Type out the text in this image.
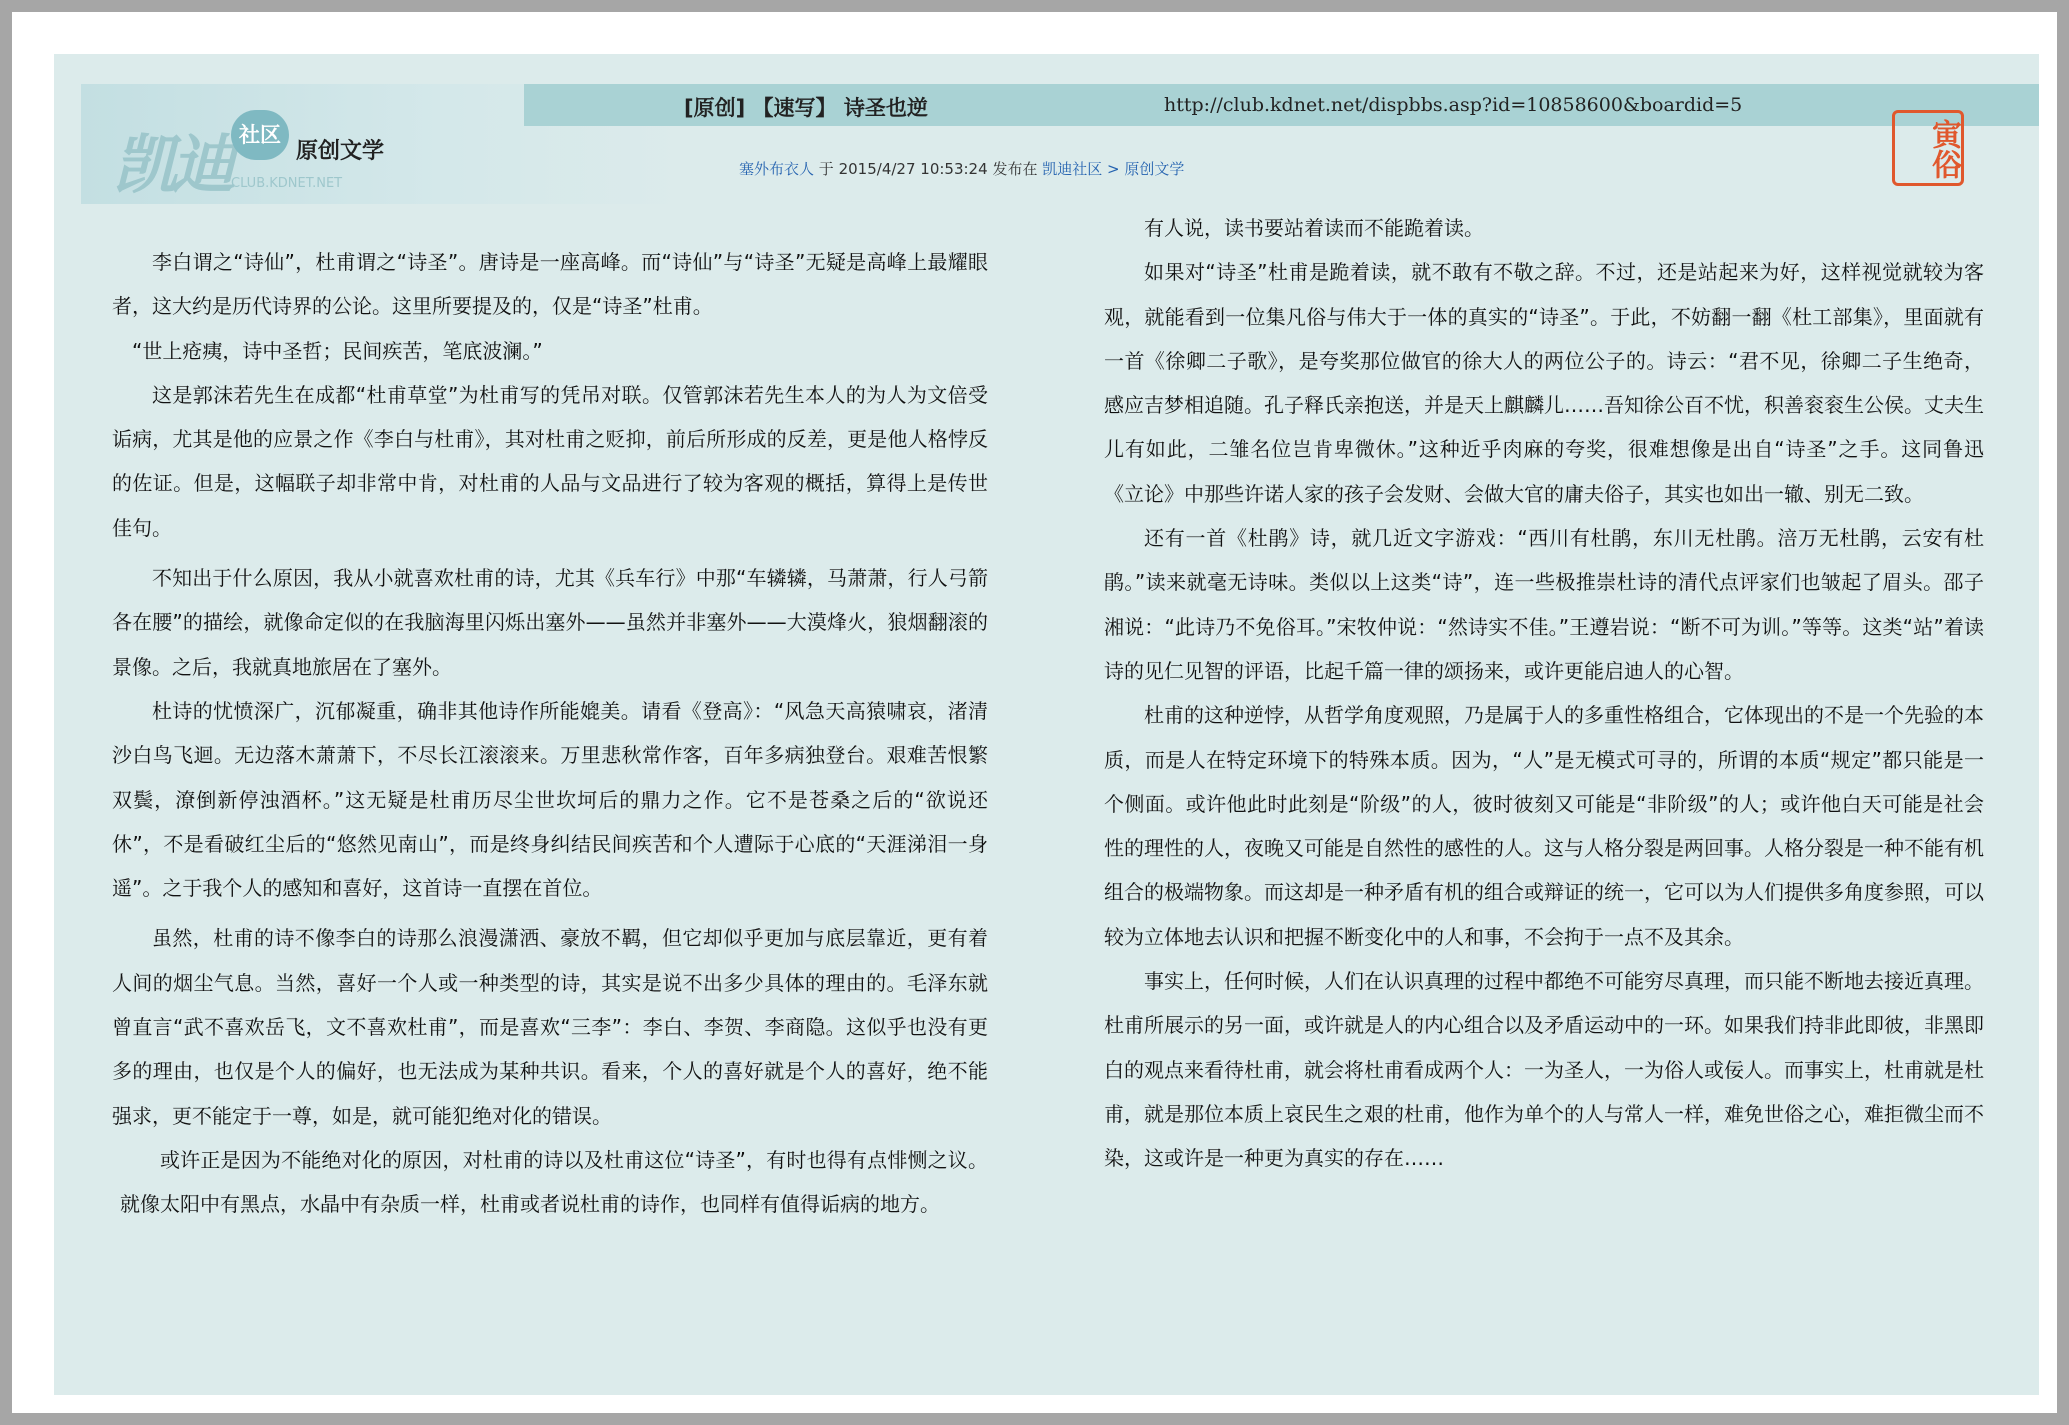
凯迪 社区
原创文学
CLUB.KDNET.NET
[原创] 【速写】 诗圣也逆	http://club.kdnet.net/dispbbs.asp?id=10858600&boardid=5
塞外布衣人 于 2015/4/27 10:53:24 发布在 凯迪社区 > 原创文学	寅俗

李白谓之“诗仙”，杜甫谓之“诗圣”。唐诗是一座高峰。而“诗仙”与“诗圣”无疑是高峰上最耀眼者，这大约是历代诗界的公论。这里所要提及的，仅是“诗圣”杜甫。

“世上疮痍，诗中圣哲；民间疾苦，笔底波澜。”

这是郭沫若先生在成都“杜甫草堂”为杜甫写的凭吊对联。仅管郭沫若先生本人的为人为文倍受诟病，尤其是他的应景之作《李白与杜甫》，其对杜甫之贬抑，前后所形成的反差，更是他人格悖反的佐证。但是，这幅联子却非常中肯，对杜甫的人品与文品进行了较为客观的概括，算得上是传世佳句。

不知出于什么原因，我从小就喜欢杜甫的诗，尤其《兵车行》中那“车辚辚，马萧萧，行人弓箭各在腰”的描绘，就像命定似的在我脑海里闪烁出塞外——虽然并非塞外——大漠烽火，狼烟翻滚的景像。之后，我就真地旅居在了塞外。

杜诗的忧愤深广，沉郁凝重，确非其他诗作所能媲美。请看《登高》：“风急天高猿啸哀，渚清沙白鸟飞迴。无边落木萧萧下，不尽长江滚滚来。万里悲秋常作客，百年多病独登台。艰难苦恨繁双鬓，潦倒新停浊酒杯。”这无疑是杜甫历尽尘世坎坷后的鼎力之作。它不是苍桑之后的“欲说还休”，不是看破红尘后的“悠然见南山”，而是终身纠结民间疾苦和个人遭际于心底的“天涯涕泪一身遥”。之于我个人的感知和喜好，这首诗一直摆在首位。

虽然，杜甫的诗不像李白的诗那么浪漫潇洒、豪放不羁，但它却似乎更加与底层靠近，更有着人间的烟尘气息。当然，喜好一个人或一种类型的诗，其实是说不出多少具体的理由的。毛泽东就曾直言“武不喜欢岳飞，文不喜欢杜甫”，而是喜欢“三李”：李白、李贺、李商隐。这似乎也没有更多的理由，也仅是个人的偏好，也无法成为某种共识。看来，个人的喜好就是个人的喜好，绝不能强求，更不能定于一尊，如是，就可能犯绝对化的错误。

或许正是因为不能绝对化的原因，对杜甫的诗以及杜甫这位“诗圣”，有时也得有点悱恻之议。就像太阳中有黑点，水晶中有杂质一样，杜甫或者说杜甫的诗作，也同样有值得诟病的地方。

有人说，读书要站着读而不能跪着读。

如果对“诗圣”杜甫是跪着读，就不敢有不敬之辞。不过，还是站起来为好，这样视觉就较为客观，就能看到一位集凡俗与伟大于一体的真实的“诗圣”。于此，不妨翻一翻《杜工部集》，里面就有一首《徐卿二子歌》，是夸奖那位做官的徐大人的两位公子的。诗云：“君不见，徐卿二子生绝奇，感应吉梦相追随。孔子释氏亲抱送，并是天上麒麟儿……吾知徐公百不忧，积善衮衮生公侯。丈夫生儿有如此，二雏名位岂肯卑微休。”这种近乎肉麻的夸奖，很难想像是出自“诗圣”之手。这同鲁迅《立论》中那些许诺人家的孩子会发财、会做大官的庸夫俗子，其实也如出一辙、别无二致。

还有一首《杜鹃》诗，就几近文字游戏：“西川有杜鹃，东川无杜鹃。涪万无杜鹃，云安有杜鹃。”读来就毫无诗味。类似以上这类“诗”，连一些极推崇杜诗的清代点评家们也皱起了眉头。邵子湘说：“此诗乃不免俗耳。”宋牧仲说：“然诗实不佳。”王遵岩说：“断不可为训。”等等。这类“站”着读诗的见仁见智的评语，比起千篇一律的颂扬来，或许更能启迪人的心智。

杜甫的这种逆悖，从哲学角度观照，乃是属于人的多重性格组合，它体现出的不是一个先验的本质，而是人在特定环境下的特殊本质。因为，“人”是无模式可寻的，所谓的本质“规定”都只能是一个侧面。或许他此时此刻是“阶级”的人，彼时彼刻又可能是“非阶级”的人；或许他白天可能是社会性的理性的人，夜晚又可能是自然性的感性的人。这与人格分裂是两回事。人格分裂是一种不能有机组合的极端物象。而这却是一种矛盾有机的组合或辩证的统一，它可以为人们提供多角度参照，可以较为立体地去认识和把握不断变化中的人和事，不会拘于一点不及其余。

事实上，任何时候，人们在认识真理的过程中都绝不可能穷尽真理，而只能不断地去接近真理。杜甫所展示的另一面，或许就是人的内心组合以及矛盾运动中的一环。如果我们持非此即彼，非黑即白的观点来看待杜甫，就会将杜甫看成两个人：一为圣人，一为俗人或佞人。而事实上，杜甫就是杜甫，就是那位本质上哀民生之艰的杜甫，他作为单个的人与常人一样，难免世俗之心，难拒微尘而不染，这或许是一种更为真实的存在……
